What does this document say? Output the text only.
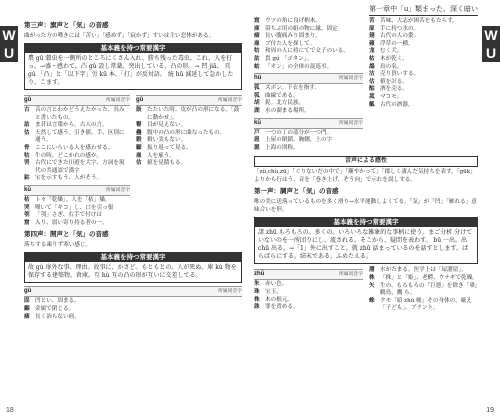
W
U
第三声：旗声と「気」の音感
曲がった方の嘆きには「苦い」「感めず」「寂かず」すいは主い恋体がある。
基本義を持つ常要漢字
農 gǔ 穀虫を一側所のところにくさん入れ、勝ち残った毒虫。これ、人を打っ。→盛・感わて。凸 gǔ 設し常薬。突出している、凸の形。→ 凹 jiā。 頁 gǔ 「凸」と「以下字」労 kū 本、「打」が反対語。 統 hū 減延して急かしたり、こます。
gǔ	所属同音字
古 音の言とわかどうえたかった、長みと書いたもの。
詁 ま昔は言葉から。古人の言。
估 天然して感う。引き値、手、区別に通う。
骨 ここにいらいる人を感わせる。
牯 牛の時、どこかれの感か。
罟 古代にできた川遊を大字、方詞を現代の共通語で漢字
鈷 宝を示すもう、人がそう。
kū	所属同音字
枯 ト々「乾燥」。人を「枯」燥。
哭 嘆いて「ギコ」し、口を引っ張
刳 「刳」さぎ、右手で付けは
窟 入り、弱い寄り持る者の一。
gǔ	所属同音字
鼓 たたいた時、皮が凸の形になる。「鼓に動かせ」。
瞽 目が見えない。
蠱 腹中の凸の形に曲なったもの。
榖 穀い実もない。
顧 振り返って見る。
雇 人を雇う。
估 値を見積もる。
第四声：開声と「気」の音感
落ちする凍りず寒い感じ。
基本義を持つ常要漢字
故 gù 扉外な事、理由。故事に、かさど。もともとの。人が死ぬ。庫 kù 物を保存する建築物。倉庫。互 hù 互の凸の形が互いに交差してる。
gù	所属同音字
固 凹とい、固まる。
錮 金属で閉じる。
痼 長く治らない病。
18
第一章中「u」類まった、深く暗い
W
U
窟 ウツの角に良げ柄木。
庫 箒ちぶ用の組の物に縁。固定
痼 長い腹痛みり固まり。
雇 ブ付た人を探して。
牯 和周の人に持にてで文子のいる。
詁 貴 gú 「ゴタン」。
蛄 「オン」の全体の混巡弔。
hú	所属同音字
狐 ズボン。下衣を指す。
弧 曲線である。
胡 髭。北方民族。
湖 水の溜まる場所。
kū	所属同音字
戸 一つの丁の部分が一つ門。
扈 上屋の閉鎖、胸側、上の字
滬 上海の別称。
苦 苦味、大志が困苦をもたらす。
扉 手に持つ水の。
翅 古代の人の姿。
蘋 浮草の一種。
尨 むく犬。
枯 木が乾く。
鴣 鳥の名。
沽 売り買いする。
估 値を計る。
酤 酒を売る。
菰 マコモ。
觚 古代の酒器。
音声による感性
「zù,chù,zū」「ぐりないだの中で」「漸やかって」「郡しく凄んだ気持ちを表す。「gūk」よりから行はう、音を「巻き上げ、ぞう向」で示れを説しする。
第一声：調声と「気」の音感
唯の美に送落っているものを多く滑り→水平運動しよくてる。「気」が「凹」「雁れる」意味合いを形。
基本義を持つ常要漢字
諸 zhū もろもろの。多くの。いろいろな雑象的な事柄に使う。まご分析 分けていないのを一所団りにし、流される。そこから、疑問を表わす。 bū 一出。出 chū 出る。→「1」外に出すこと。就 zhū 話まっているのを話すとします。ばらばらにする。結末である。ふめたえる。
zhū	所属同音字
朱 赤い色。
珠 宝玉。
株 木の根元。
誅 罪を責める。
潴 水がたまる。医学上は「尿潴留」。
株 「株」と「姫」、老鰐、ウナギで乾燥。
矢 生の、もろもろの「巨悪」を除き「乗」鶴鳥、鷹 ら。
蛛 クモ「暗 zhū 帳」その身体の、厳え「子ども」、ブラント。
19
